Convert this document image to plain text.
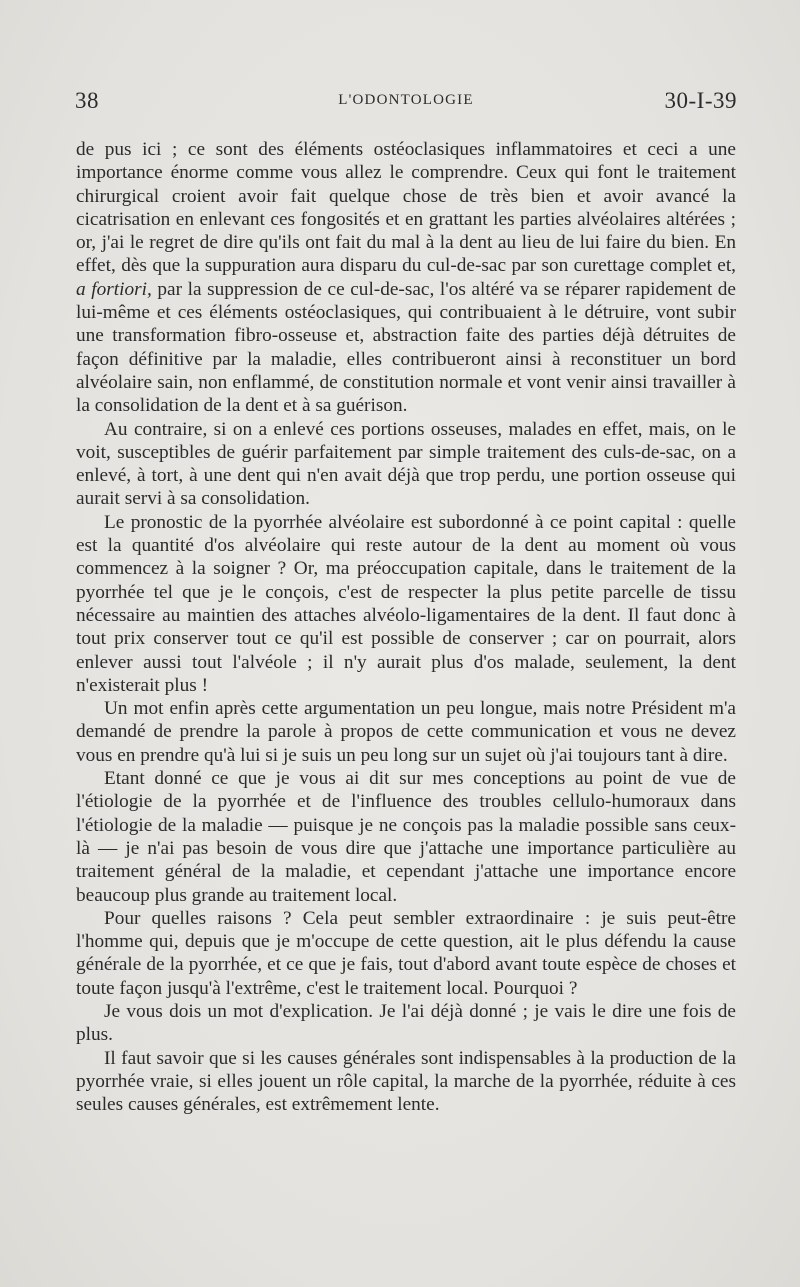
38	L'ODONTOLOGIE	30-I-39

de pus ici ; ce sont des éléments ostéoclasiques inflammatoires et ceci a une importance énorme comme vous allez le comprendre. Ceux qui font le traitement chirurgical croient avoir fait quelque chose de très bien et avoir avancé la cicatrisation en enlevant ces fongosités et en grattant les parties alvéolaires altérées ; or, j'ai le regret de dire qu'ils ont fait du mal à la dent au lieu de lui faire du bien. En effet, dès que la suppuration aura disparu du cul-de-sac par son curettage complet et, a fortiori, par la suppression de ce cul-de-sac, l'os altéré va se réparer rapidement de lui-même et ces éléments ostéoclasiques, qui contribuaient à le détruire, vont subir une transformation fibro-osseuse et, abstraction faite des parties déjà détruites de façon définitive par la maladie, elles contribueront ainsi à reconstituer un bord alvéolaire sain, non enflammé, de constitution normale et vont venir ainsi travailler à la consolidation de la dent et à sa guérison.

Au contraire, si on a enlevé ces portions osseuses, malades en effet, mais, on le voit, susceptibles de guérir parfaitement par simple traitement des culs-de-sac, on a enlevé, à tort, à une dent qui n'en avait déjà que trop perdu, une portion osseuse qui aurait servi à sa consolidation.

Le pronostic de la pyorrhée alvéolaire est subordonné à ce point capital : quelle est la quantité d'os alvéolaire qui reste autour de la dent au moment où vous commencez à la soigner ? Or, ma préoccupation capitale, dans le traitement de la pyorrhée tel que je le conçois, c'est de respecter la plus petite parcelle de tissu nécessaire au maintien des attaches alvéolo-ligamentaires de la dent. Il faut donc à tout prix conserver tout ce qu'il est possible de conserver ; car on pourrait, alors enlever aussi tout l'alvéole ; il n'y aurait plus d'os malade, seulement, la dent n'existerait plus !

Un mot enfin après cette argumentation un peu longue, mais notre Président m'a demandé de prendre la parole à propos de cette communication et vous ne devez vous en prendre qu'à lui si je suis un peu long sur un sujet où j'ai toujours tant à dire.

Etant donné ce que je vous ai dit sur mes conceptions au point de vue de l'étiologie de la pyorrhée et de l'influence des troubles cellulo-humoraux dans l'étiologie de la maladie — puisque je ne conçois pas la maladie possible sans ceux-là — je n'ai pas besoin de vous dire que j'attache une importance particulière au traitement général de la maladie, et cependant j'attache une importance encore beaucoup plus grande au traitement local.

Pour quelles raisons ? Cela peut sembler extraordinaire : je suis peut-être l'homme qui, depuis que je m'occupe de cette question, ait le plus défendu la cause générale de la pyorrhée, et ce que je fais, tout d'abord avant toute espèce de choses et toute façon jusqu'à l'extrême, c'est le traitement local. Pourquoi ?

Je vous dois un mot d'explication. Je l'ai déjà donné ; je vais le dire une fois de plus.

Il faut savoir que si les causes générales sont indispensables à la production de la pyorrhée vraie, si elles jouent un rôle capital, la marche de la pyorrhée, réduite à ces seules causes générales, est extrêmement lente.
